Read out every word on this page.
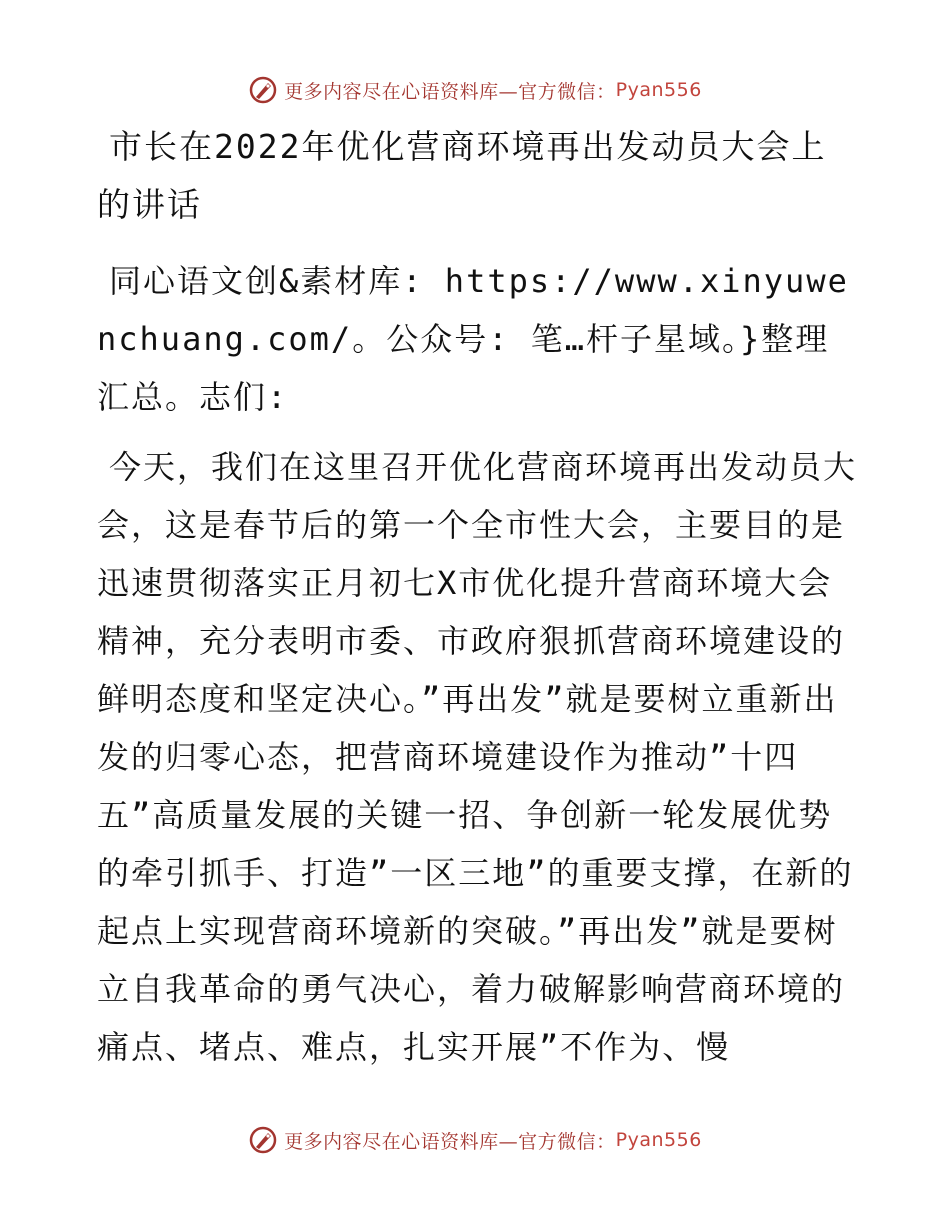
更多内容尽在心语资料库—官方微信： Pyan556
市长在2022年优化营商环境再出发动员大会上的讲话

同心语文创&素材库: https://www.xinyuwenchuang.com/。公众号: 笔…杆子星域。}整理汇总。志们:

今天，我们在这里召开优化营商环境再出发动员大会，这是春节后的第一个全市性大会，主要目的是迅速贯彻落实正月初七X市优化提升营商环境大会精神，充分表明市委、市政府狠抓营商环境建设的鲜明态度和坚定决心。”再出发”就是要树立重新出发的归零心态，把营商环境建设作为推动”十四五”高质量发展的关键一招、争创新一轮发展优势的牵引抓手、打造”一区三地”的重要支撑，在新的起点上实现营商环境新的突破。”再出发”就是要树立自我革命的勇气决心，着力破解影响营商环境的痛点、堵点、难点，扎实开展”不作为、慢

更多内容尽在心语资料库—官方微信： Pyan556
